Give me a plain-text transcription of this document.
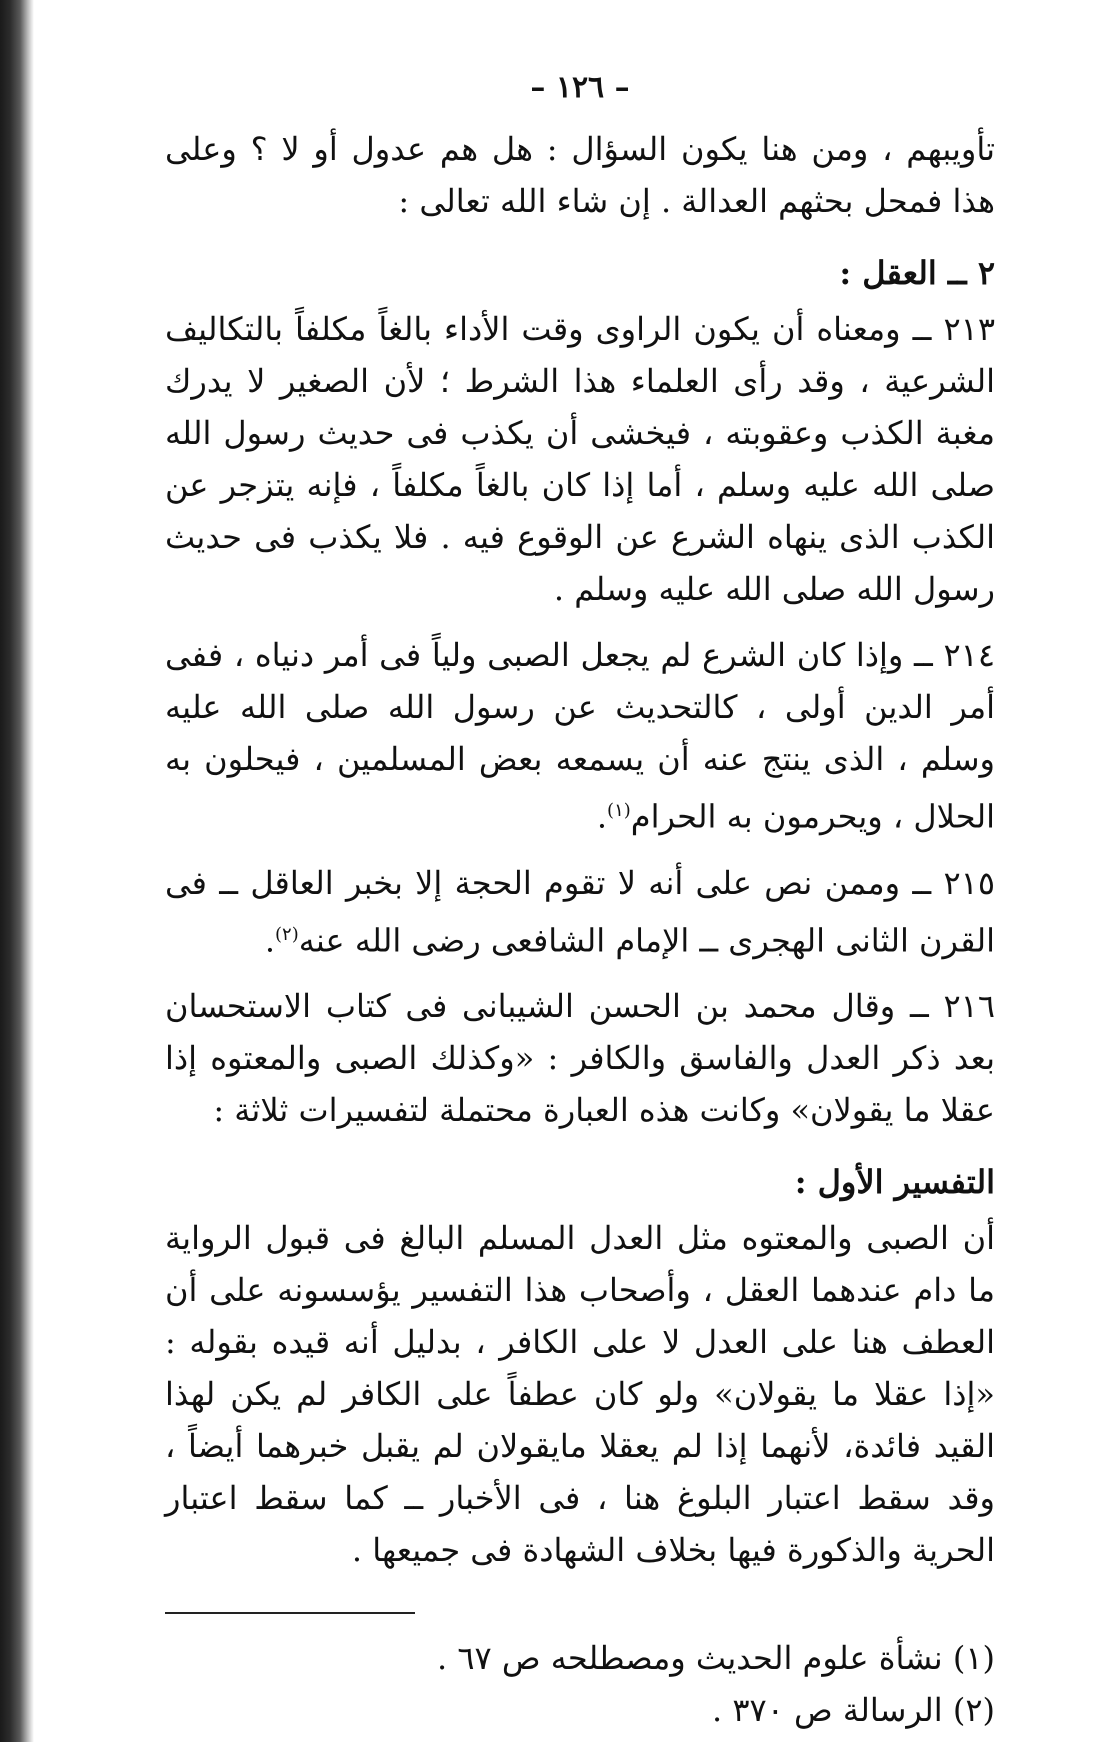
– ١٢٦ –

تأويبهم ، ومن هنا يكون السؤال : هل هم عدول أو لا ؟ وعلى هذا فمحل بحثهم العدالة . إن شاء الله تعالى :

٢ ــ العقل :

٢١٣ ــ ومعناه أن يكون الراوى وقت الأداء بالغاً مكلفاً بالتكاليف الشرعية ، وقد رأى العلماء هذا الشرط ؛ لأن الصغير لا يدرك مغبة الكذب وعقوبته ، فيخشى أن يكذب فى حديث رسول الله صلى الله عليه وسلم ، أما إذا كان بالغاً مكلفاً ، فإنه يتزجر عن الكذب الذى ينهاه الشرع عن الوقوع فيه . فلا يكذب فى حديث رسول الله صلى الله عليه وسلم .

٢١٤ ــ وإذا كان الشرع لم يجعل الصبى ولياً فى أمر دنياه ، ففى أمر الدين أولى ، كالتحديث عن رسول الله صلى الله عليه وسلم ، الذى ينتج عنه أن يسمعه بعض المسلمين ، فيحلون به الحلال ، ويحرمون به الحرام$^{(١)}$.

٢١٥ ــ وممن نص على أنه لا تقوم الحجة إلا بخبر العاقل ــ فى القرن الثانى الهجرى ــ الإمام الشافعى رضى الله عنه$^{(٢)}$.

٢١٦ ــ وقال محمد بن الحسن الشيبانى فى كتاب الاستحسان بعد ذكر العدل والفاسق والكافر : «وكذلك الصبى والمعتوه إذا عقلا ما يقولان» وكانت هذه العبارة محتملة لتفسيرات ثلاثة :

التفسير الأول :

أن الصبى والمعتوه مثل العدل المسلم البالغ فى قبول الرواية ما دام عندهما العقل ، وأصحاب هذا التفسير يؤسسونه على أن العطف هنا على العدل لا على الكافر ، بدليل أنه قيده بقوله : «إذا عقلا ما يقولان» ولو كان عطفاً على الكافر لم يكن لهذا القيد فائدة، لأنهما إذا لم يعقلا مايقولان لم يقبل خبرهما أيضاً ، وقد سقط اعتبار البلوغ هنا ، فى الأخبار ــ كما سقط اعتبار الحرية والذكورة فيها بخلاف الشهادة فى جميعها .

(١) نشأة علوم الحديث ومصطلحه ص ٦٧ .

(٢) الرسالة ص ٣٧٠ .
